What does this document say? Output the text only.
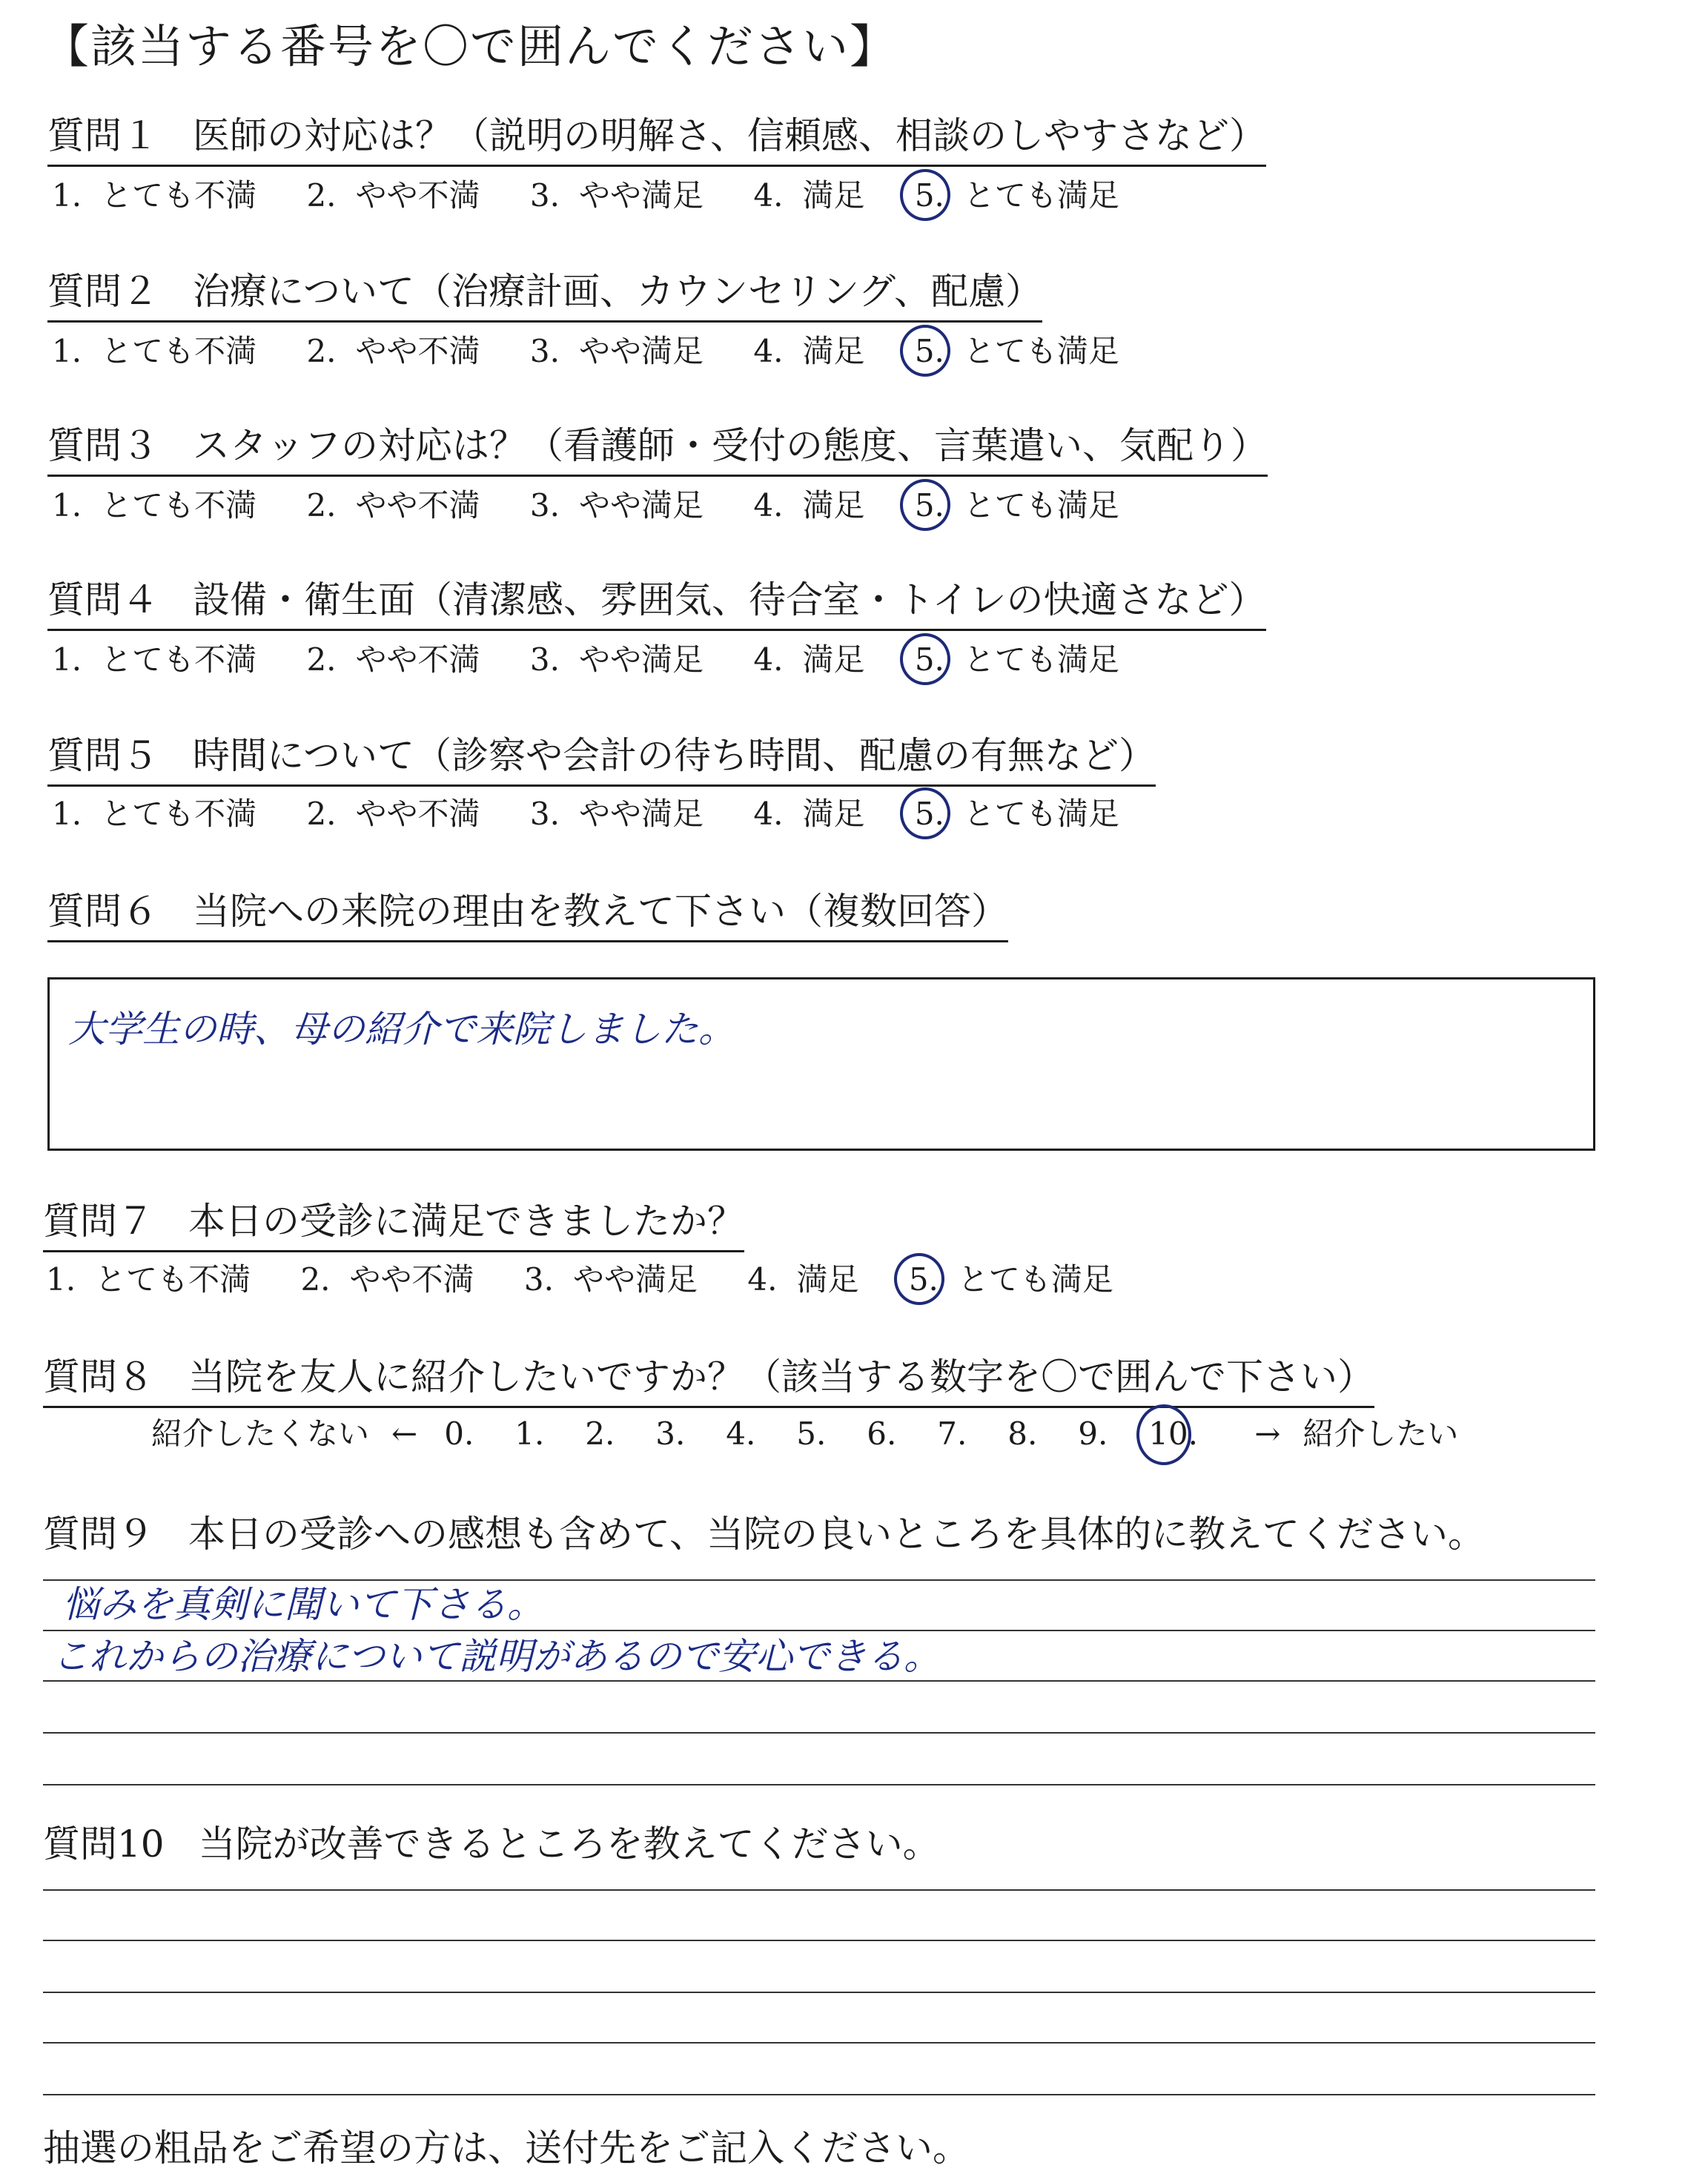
【該当する番号を〇で囲んでください】
質問１ 医師の対応は？（説明の明解さ、信頼感、相談のしやすさなど）
1. とても不満 2. やや不満 3. やや満足 4. 満足 5. とても満足
質問２ 治療について（治療計画、カウンセリング、配慮）
1. とても不満 2. やや不満 3. やや満足 4. 満足 5. とても満足
質問３ スタッフの対応は？（看護師・受付の態度、言葉遣い、気配り）
1. とても不満 2. やや不満 3. やや満足 4. 満足 5. とても満足
質問４ 設備・衛生面（清潔感、雰囲気、待合室・トイレの快適さなど）
1. とても不満 2. やや不満 3. やや満足 4. 満足 5. とても満足
質問５ 時間について（診察や会計の待ち時間、配慮の有無など）
1. とても不満 2. やや不満 3. やや満足 4. 満足 5. とても満足
質問６ 当院への来院の理由を教えて下さい（複数回答）
大学生の時、母の紹介で来院しました。
質問７ 本日の受診に満足できましたか？
1. とても不満 2. やや不満 3. やや満足 4. 満足 5. とても満足
質問８ 当院を友人に紹介したいですか？（該当する数字を〇で囲んで下さい）
紹介したくない ← 0. 1. 2. 3. 4. 5. 6. 7. 8. 9. 10. → 紹介したい
質問９ 本日の受診への感想も含めて、当院の良いところを具体的に教えてください。
悩みを真剣に聞いて下さる。
これからの治療について説明があるので安心できる。
質問10 当院が改善できるところを教えてください。
抽選の粗品をご希望の方は、送付先をご記入ください。
